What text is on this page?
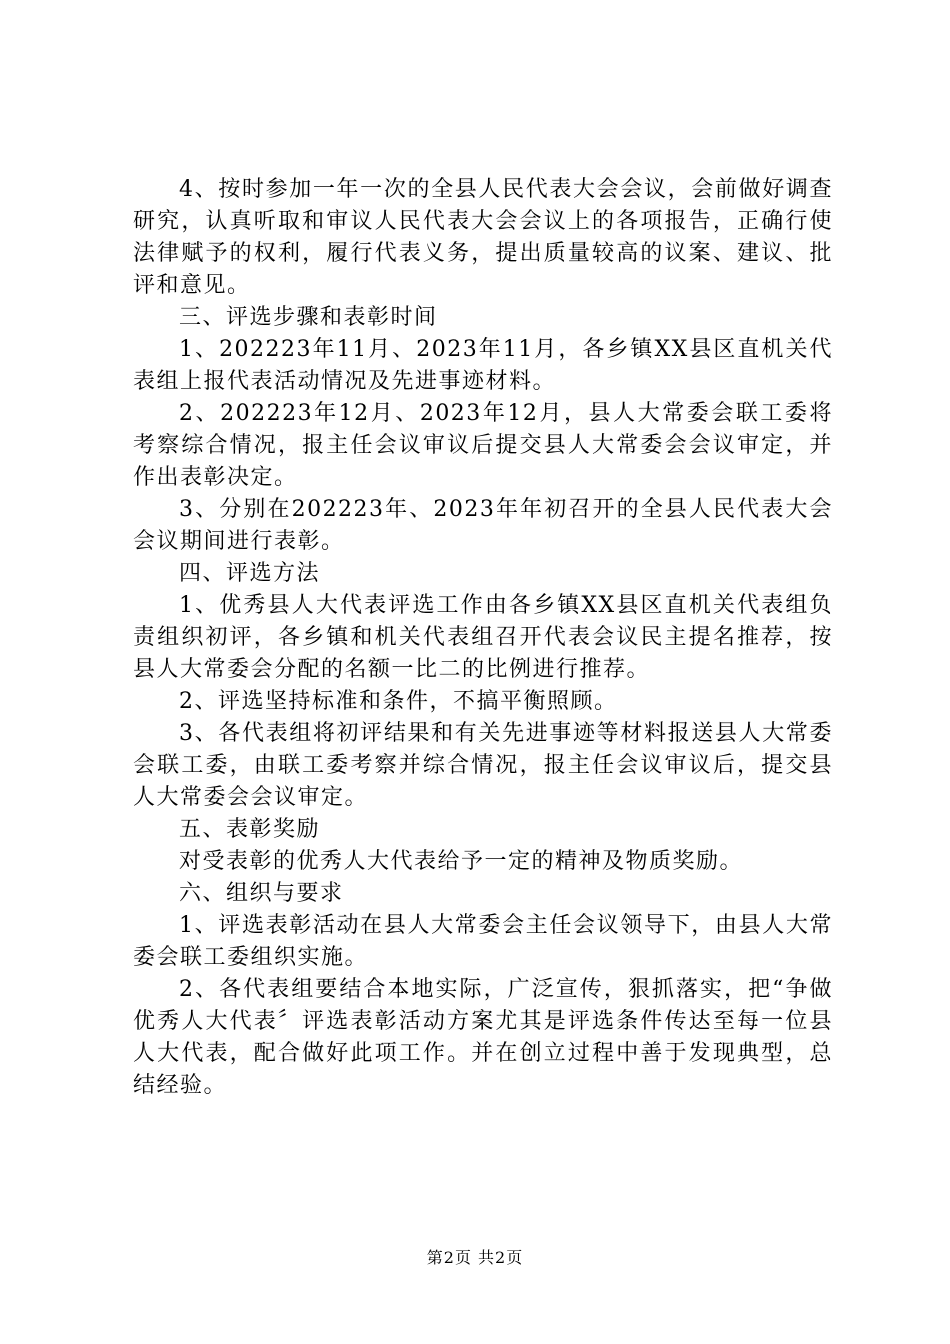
4、按时参加一年一次的全县人民代表大会会议，会前做好调查研究，认真听取和审议人民代表大会会议上的各项报告，正确行使法律赋予的权利，履行代表义务，提出质量较高的议案、建议、批评和意见。

三、评选步骤和表彰时间

1、202223年11月、2023年11月，各乡镇XX县区直机关代表组上报代表活动情况及先进事迹材料。

2、202223年12月、2023年12月，县人大常委会联工委将考察综合情况，报主任会议审议后提交县人大常委会会议审定，并作出表彰决定。

3、分别在202223年、2023年年初召开的全县人民代表大会会议期间进行表彰。

四、评选方法

1、优秀县人大代表评选工作由各乡镇XX县区直机关代表组负责组织初评，各乡镇和机关代表组召开代表会议民主提名推荐，按县人大常委会分配的名额一比二的比例进行推荐。

2、评选坚持标准和条件，不搞平衡照顾。

3、各代表组将初评结果和有关先进事迹等材料报送县人大常委会联工委，由联工委考察并综合情况，报主任会议审议后，提交县人大常委会会议审定。

五、表彰奖励

对受表彰的优秀人大代表给予一定的精神及物质奖励。

六、组织与要求

1、评选表彰活动在县人大常委会主任会议领导下，由县人大常委会联工委组织实施。

2、各代表组要结合本地实际，广泛宣传，狠抓落实，把“争做优秀人大代表〞评选表彰活动方案尤其是评选条件传达至每一位县人大代表，配合做好此项工作。并在创立过程中善于发现典型，总结经验。

第2页 共2页
